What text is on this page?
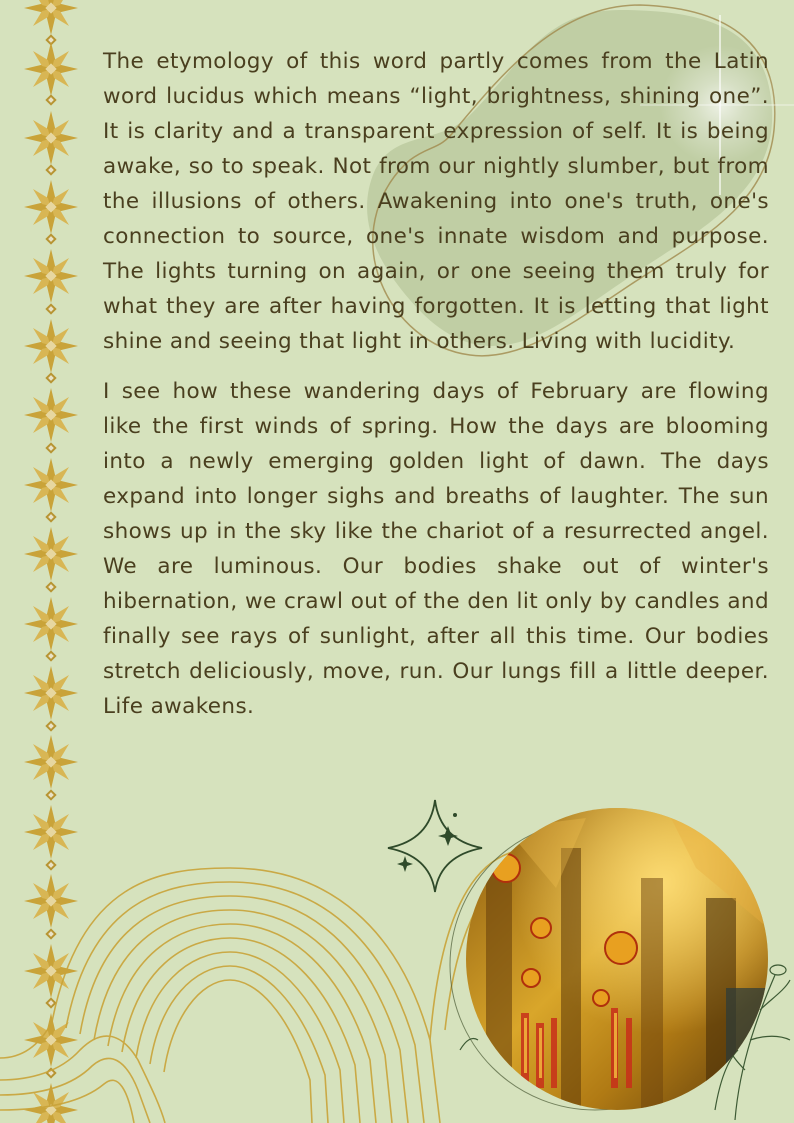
The etymology of this word partly comes from the Latin word lucidus which means “light, brightness, shining one”. It is clarity and a transparent expression of self. It is being awake, so to speak. Not from our nightly slumber, but from the illusions of others. Awakening into one's truth, one's connection to source, one's innate wisdom and purpose. The lights turning on again, or one seeing them truly for what they are after having forgotten. It is letting that light shine and seeing that light in others. Living with lucidity.

I see how these wandering days of February are flowing like the first winds of spring. How the days are blooming into a newly emerging golden light of dawn. The days expand into longer sighs and breaths of laughter. The sun shows up in the sky like the chariot of a resurrected angel. We are luminous. Our bodies shake out of winter's hibernation, we crawl out of the den lit only by candles and finally see rays of sunlight, after all this time. Our bodies stretch deliciously, move, run. Our lungs fill a little deeper. Life awakens.
